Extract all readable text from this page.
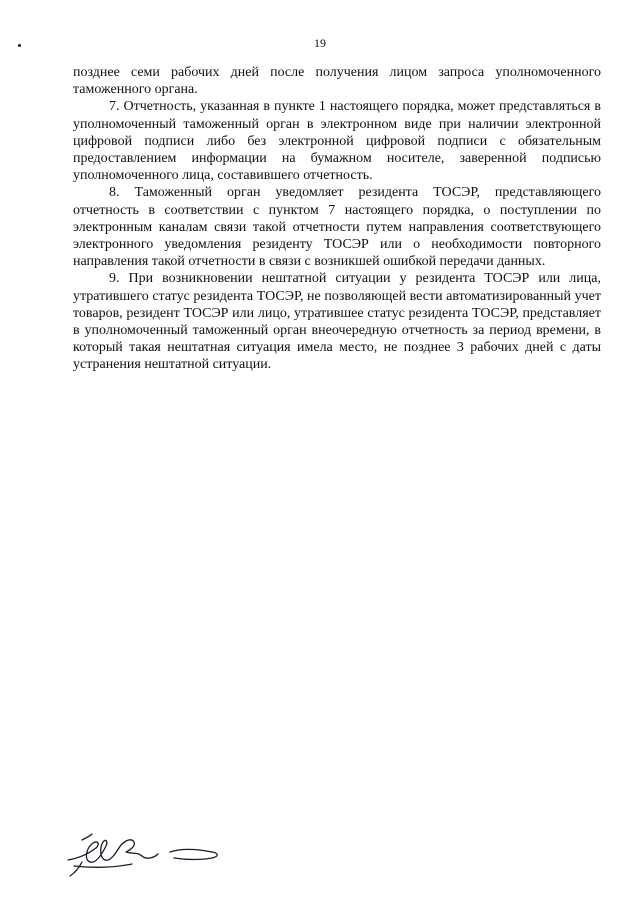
19

позднее семи рабочих дней после получения лицом запроса уполномоченного таможенного органа.

7. Отчетность, указанная в пункте 1 настоящего порядка, может представляться в уполномоченный таможенный орган в электронном виде при наличии электронной цифровой подписи либо без электронной цифровой подписи с обязательным предоставлением информации на бумажном носителе, заверенной подписью уполномоченного лица, составившего отчетность.

8. Таможенный орган уведомляет резидента ТОСЭР, представляющего отчетность в соответствии с пунктом 7 настоящего порядка, о поступлении по электронным каналам связи такой отчетности путем направления соответствующего электронного уведомления резиденту ТОСЭР или о необходимости повторного направления такой отчетности в связи с возникшей ошибкой передачи данных.

9. При возникновении нештатной ситуации у резидента ТОСЭР или лица, утратившего статус резидента ТОСЭР, не позволяющей вести автоматизированный учет товаров, резидент ТОСЭР или лицо, утратившее статус резидента ТОСЭР, представляет в уполномоченный таможенный орган внеочередную отчетность за период времени, в который такая нештатная ситуация имела место, не позднее 3 рабочих дней с даты устранения нештатной ситуации.
